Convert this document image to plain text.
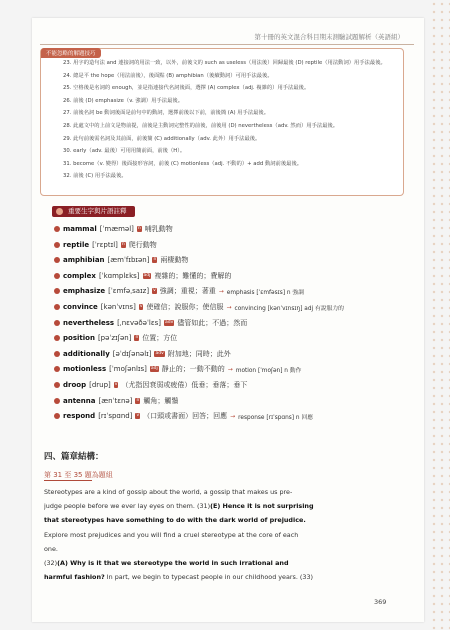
第十冊的英文混合科目期末測驗試題解析（英語組）
不能忽略的解題技巧
23. 用字的造句法 and 連接詞的用法一致，以外，前後文的 such as useless（用法後）回歸最後 (D) reptile（用法動詞）用手法最後。
24. 總是平 the hope（用法前後），後面點 (B) amphibian（後續動詞）可用手法最後。
25. 空格後是名詞的 enough，並是指連接代名詞後面，選擇 (A) complex（adj. 複雜的）用手法最後。
26. 前後 (D) emphasize（v. 強調）用手法最後。
27. 前後名詞 be 動詞後面是前句中的動詞，選擇前後以下前，前後簡 (A) 用手法最後。
28. 此處文中的上前文是物前提，前後是主動詞完整性的前後，前後用 (D) nevertheless（adv. 然而）用手法最後。
29. 此句前後需名詞及其前面，前後簡 (C) additionally（adv. 此外）用手法最後。
30. early（adv. 最後）可用用簡前面，前後（H）。
31. become（v. 變得）後面接形容詞，前後 (C) motionless（adj. 不動的）+ add 動詞前後最後。
32. 前後 (C) 用手法最後。
重要生字與片語註釋
mammal [ˈmæməl] n 哺乳動物
reptile [ˈrɛptɪl] n 爬行動物
amphibian [æmˈfɪbɪən] n 兩棲動物
complex [ˈkɑmplɛks] adj 複雜的；難懂的；費解的
emphasize [ˈɛmfəˌsaɪz] v 強調；重視；著重 → emphasis [ˈɛmfəsɪs] n 強調
convince [kənˈvɪns] v 使確信；說服你；使信服 → convincing [kənˈvɪnsɪŋ] adj 有說服力的
nevertheless [ˌnɛvəðəˈlɛs] adv 儘管如此；不過；然而
position [pəˈzɪʃən] n 位置；方位
additionally [əˈdɪʃənəlɪ] adv 附加地；同時；此外
motionless [ˈmoʃənlɪs] adj 靜止的；一動不動的 → motion [ˈmoʃən] n 動作
droop [drup] v （尤指因衰弱或疲倦）低垂；垂落；垂下
antenna [ænˈtɛnə] n 觸角；觸鬚
respond [rɪˈspɑnd] v （口頭或書面）回答；回應 → response [rɪˈspɑns] n 回應
四、篇章結構：
第 31 至 35 題為題組
Stereotypes are a kind of gossip about the world, a gossip that makes us pre-
judge people before we ever lay eyes on them. (31)(E) Hence it is not surprising
that stereotypes have something to do with the dark world of prejudice.
Explore most prejudices and you will find a cruel stereotype at the core of each
one.
(32)(A) Why is it that we stereotype the world in such irrational and
harmful fashion? In part, we begin to typecast people in our childhood years. (33)
369
